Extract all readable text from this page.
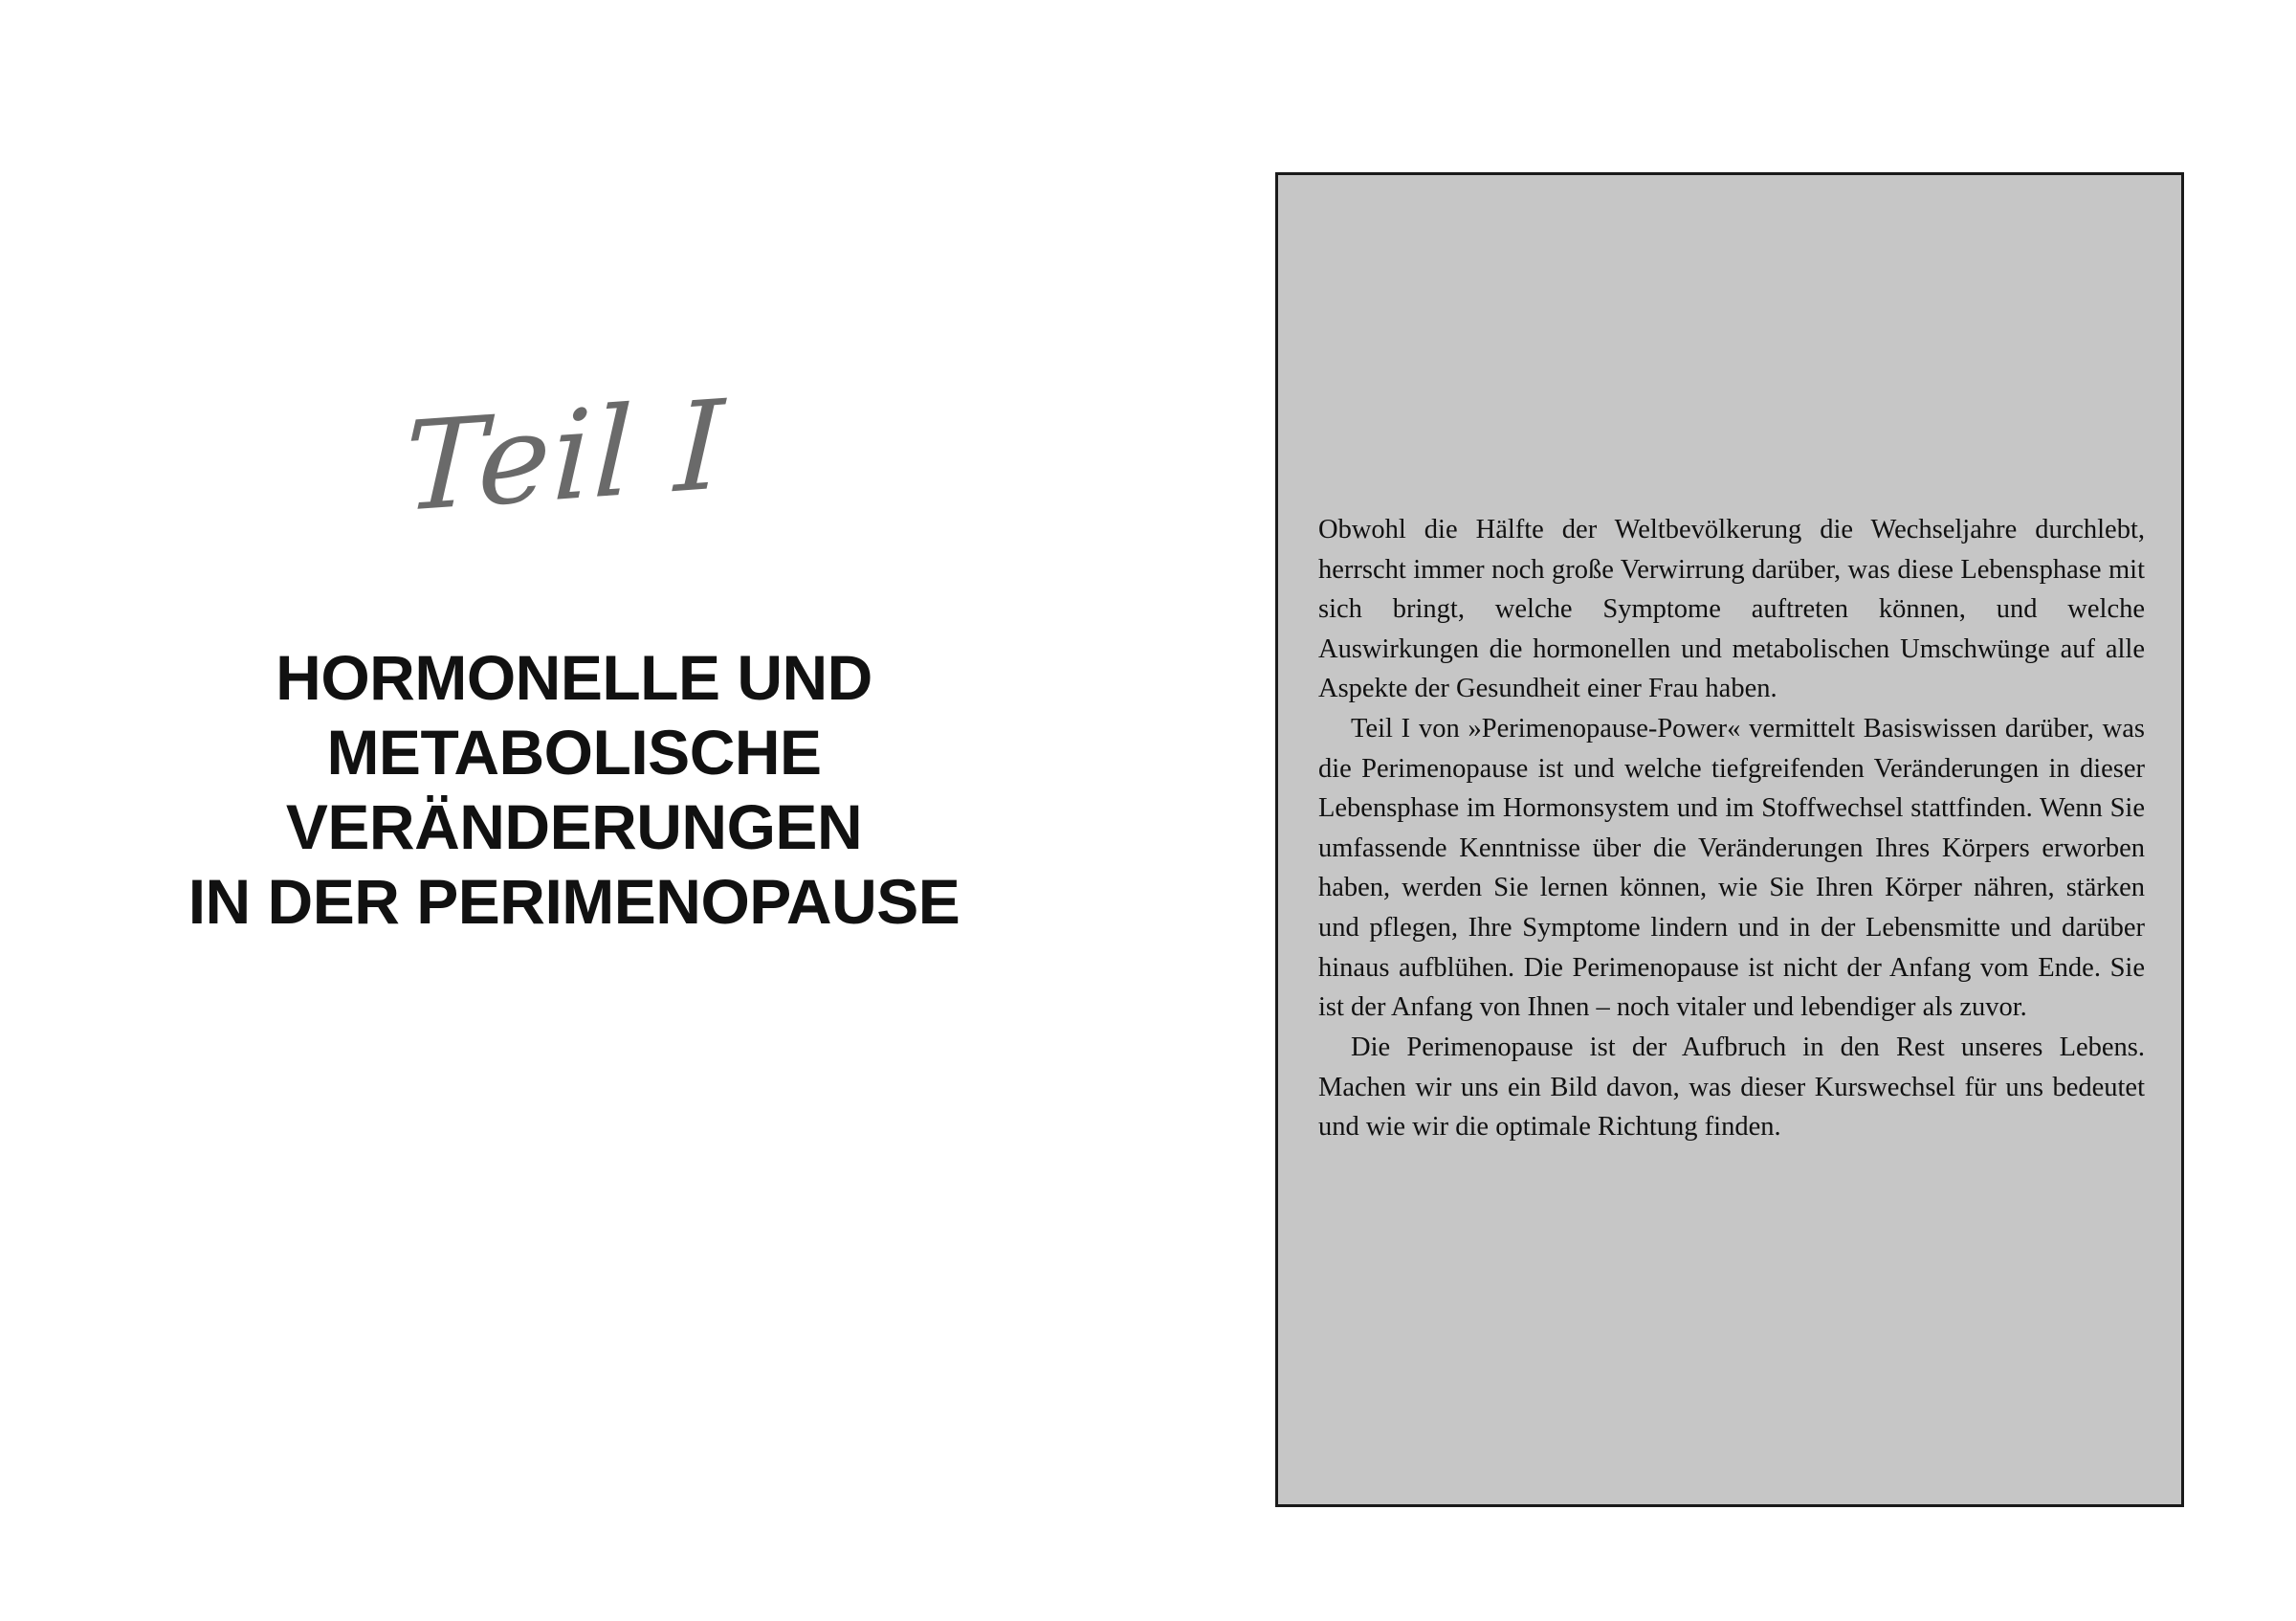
Teil I
HORMONELLE UND
METABOLISCHE
VERÄNDERUNGEN
IN DER PERIMENOPAUSE

Obwohl die Hälfte der Weltbevölkerung die Wechseljahre durchlebt, herrscht immer noch große Verwirrung darüber, was diese Lebensphase mit sich bringt, welche Symptome auftreten können, und welche Auswirkungen die hormonellen und metabolischen Umschwünge auf alle Aspekte der Gesundheit einer Frau haben.

Teil I von »Perimenopause-Power« vermittelt Basiswissen darüber, was die Perimenopause ist und welche tiefgreifenden Veränderungen in dieser Lebensphase im Hormonsystem und im Stoffwechsel stattfinden. Wenn Sie umfassende Kenntnisse über die Veränderungen Ihres Körpers erworben haben, werden Sie lernen können, wie Sie Ihren Körper nähren, stärken und pflegen, Ihre Symptome lindern und in der Lebensmitte und darüber hinaus aufblühen. Die Perimenopause ist nicht der Anfang vom Ende. Sie ist der Anfang von Ihnen – noch vitaler und lebendiger als zuvor.

Die Perimenopause ist der Aufbruch in den Rest unseres Lebens. Machen wir uns ein Bild davon, was dieser Kurswechsel für uns bedeutet und wie wir die optimale Richtung finden.
